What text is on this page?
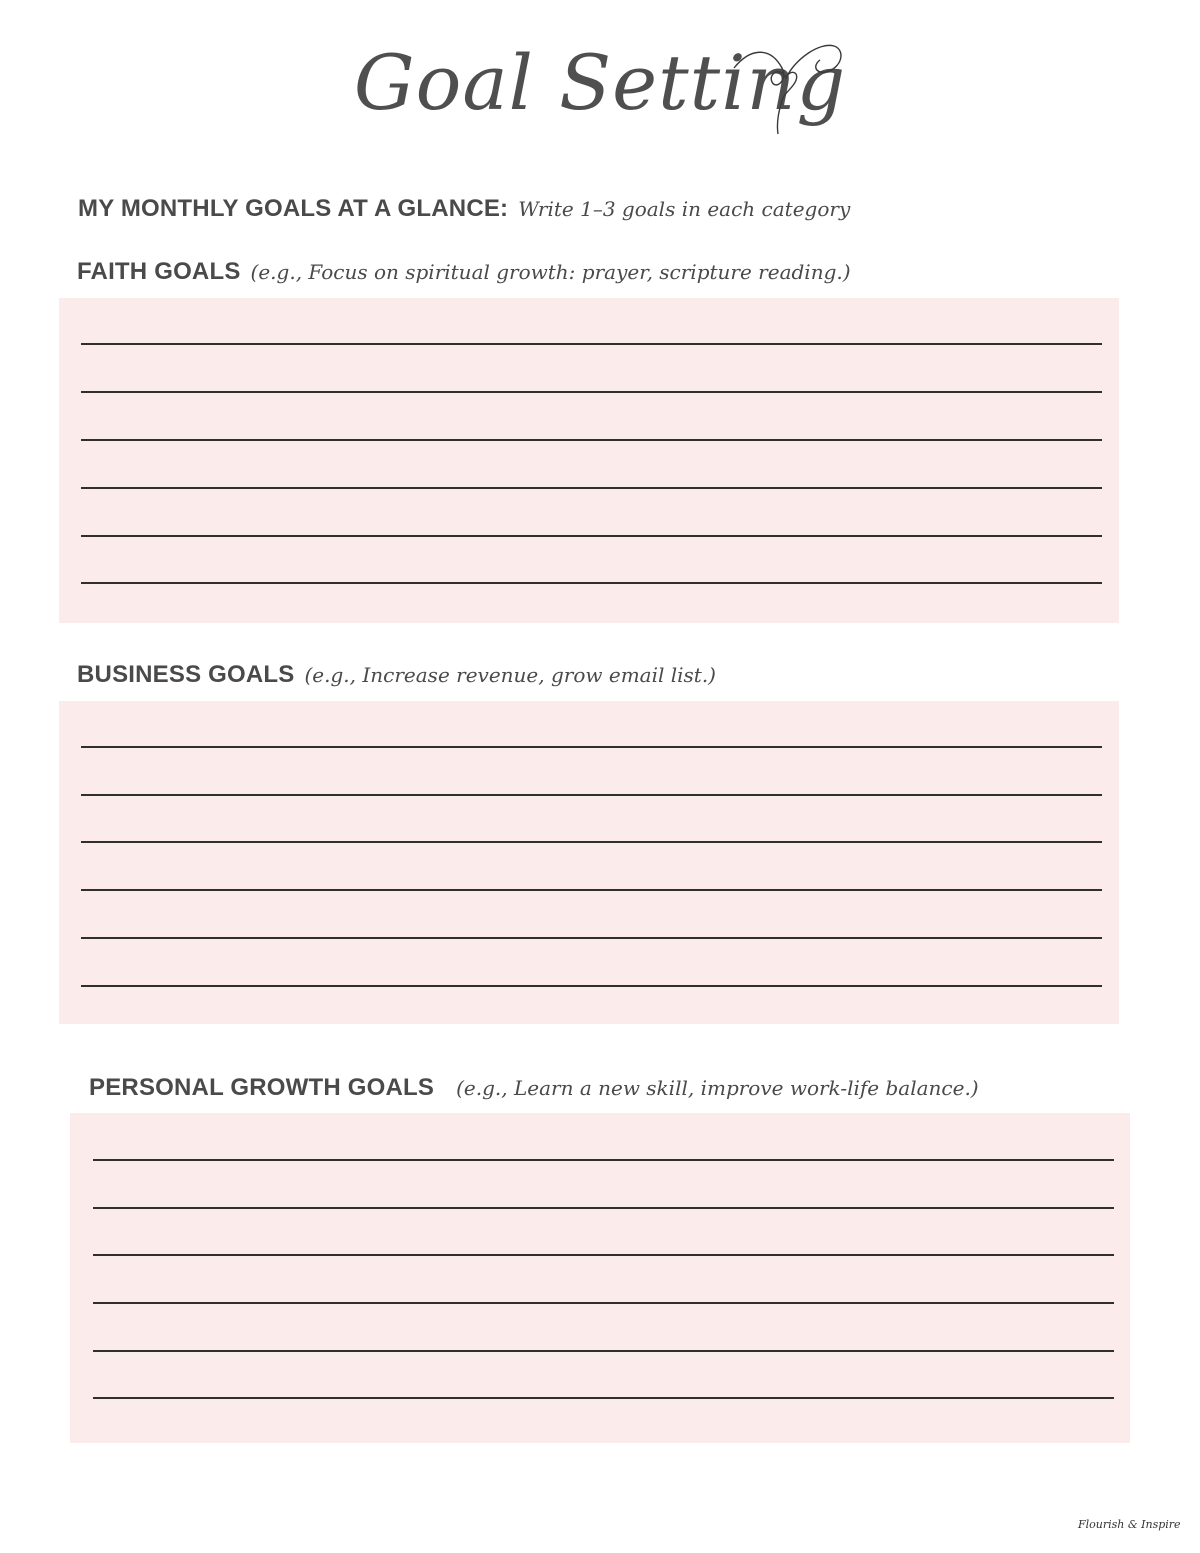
Goal Setting
MY MONTHLY GOALS AT A GLANCE: Write 1–3 goals in each category
FAITH GOALS (e.g., Focus on spiritual growth: prayer, scripture reading.)
BUSINESS GOALS (e.g., Increase revenue, grow email list.)
PERSONAL GROWTH GOALS (e.g., Learn a new skill, improve work-life balance.)
Flourish & Inspire
